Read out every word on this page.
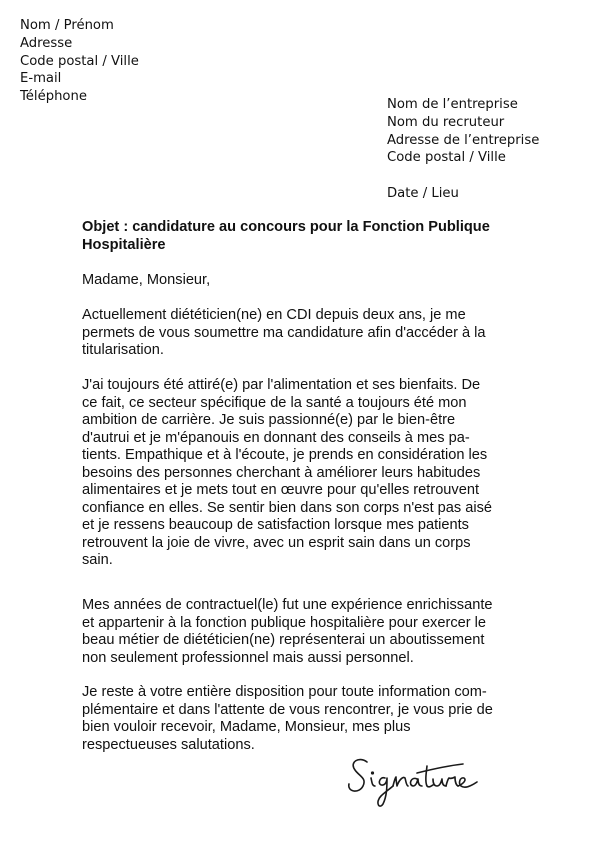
Nom / Prénom
Adresse
Code postal / Ville
E-mail
Téléphone
Nom de l’entreprise
Nom du recruteur
Adresse de l’entreprise
Code postal / Ville
Date / Lieu

Objet : candidature au concours pour la Fonction Publique
Hospitalière

Madame, Monsieur,

Actuellement diététicien(ne) en CDI depuis deux ans, je me
permets de vous soumettre ma candidature afin d'accéder à la
titularisation.

J'ai toujours été attiré(e) par l'alimentation et ses bienfaits. De
ce fait, ce secteur spécifique de la santé a toujours été mon
ambition de carrière. Je suis passionné(e) par le bien-être
d'autrui et je m'épanouis en donnant des conseils à mes pa-
tients. Empathique et à l'écoute, je prends en considération les
besoins des personnes cherchant à améliorer leurs habitudes
alimentaires et je mets tout en œuvre pour qu'elles retrouvent
confiance en elles. Se sentir bien dans son corps n'est pas aisé
et je ressens beaucoup de satisfaction lorsque mes patients
retrouvent la joie de vivre, avec un esprit sain dans un corps
sain.

Mes années de contractuel(le) fut une expérience enrichissante
et appartenir à la fonction publique hospitalière pour exercer le
beau métier de diététicien(ne) représenterai un aboutissement
non seulement professionnel mais aussi personnel.

Je reste à votre entière disposition pour toute information com-
plémentaire et dans l'attente de vous rencontrer, je vous prie de
bien vouloir recevoir, Madame, Monsieur, mes plus
respectueuses salutations.
